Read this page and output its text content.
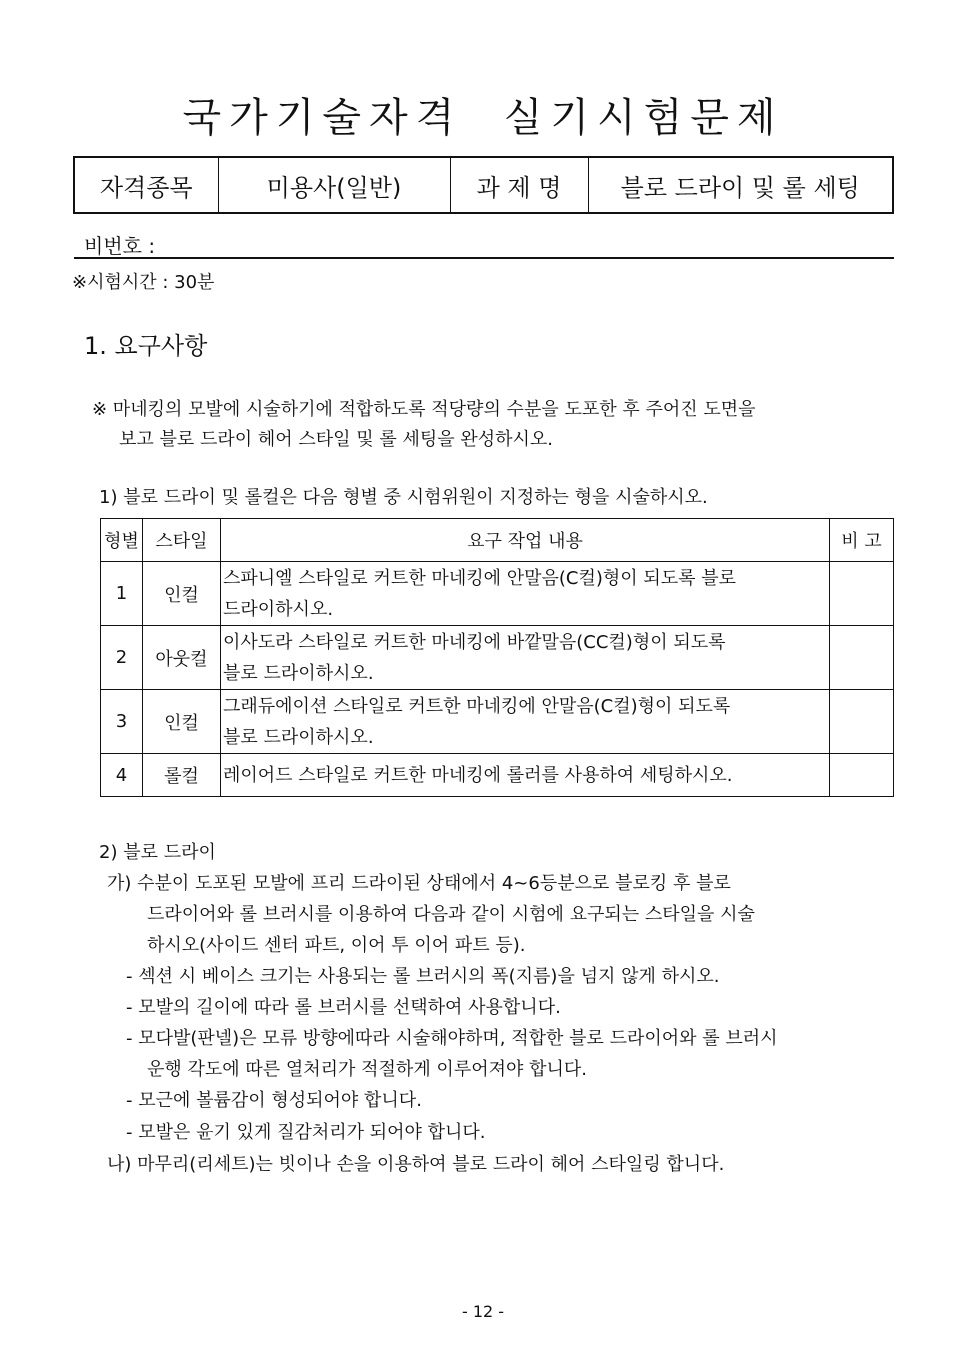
국가기술자격  실기시험문제
자격종목	미용사(일반)	과 제 명	블로 드라이 및 롤 세팅
비번호 :
※시험시간 : 30분
1. 요구사항
※ 마네킹의 모발에 시술하기에 적합하도록 적당량의 수분을 도포한 후 주어진 도면을
보고 블로 드라이 헤어 스타일 및 롤 세팅을 완성하시오.
1) 블로 드라이 및 롤컬은 다음 형별 중 시험위원이 지정하는 형을 시술하시오.
형별	스타일	요구 작업 내용	비 고
1	인컬	스파니엘 스타일로 커트한 마네킹에 안말음(C컬)형이 되도록 블로
드라이하시오.	

2	아웃컬	이사도라 스타일로 커트한 마네킹에 바깥말음(CC컬)형이 되도록
블로 드라이하시오.	

3	인컬	그래듀에이션 스타일로 커트한 마네킹에 안말음(C컬)형이 되도록
블로 드라이하시오.	

4	롤컬	레이어드 스타일로 커트한 마네킹에 롤러를 사용하여 세팅하시오.	

2) 블로 드라이
가) 수분이 도포된 모발에 프리 드라이된 상태에서 4~6등분으로 블로킹 후 블로
드라이어와 롤 브러시를 이용하여 다음과 같이 시험에 요구되는 스타일을 시술
하시오(사이드 센터 파트, 이어 투 이어 파트 등).
- 섹션 시 베이스 크기는 사용되는 롤 브러시의 폭(지름)을 넘지 않게 하시오.
- 모발의 길이에 따라 롤 브러시를 선택하여 사용합니다.
- 모다발(판넬)은 모류 방향에따라 시술해야하며, 적합한 블로 드라이어와 롤 브러시
운행 각도에 따른 열처리가 적절하게 이루어져야 합니다.
- 모근에 볼륨감이 형성되어야 합니다.
- 모발은 윤기 있게 질감처리가 되어야 합니다.
나) 마무리(리세트)는 빗이나 손을 이용하여 블로 드라이 헤어 스타일링 합니다.
- 12 -
